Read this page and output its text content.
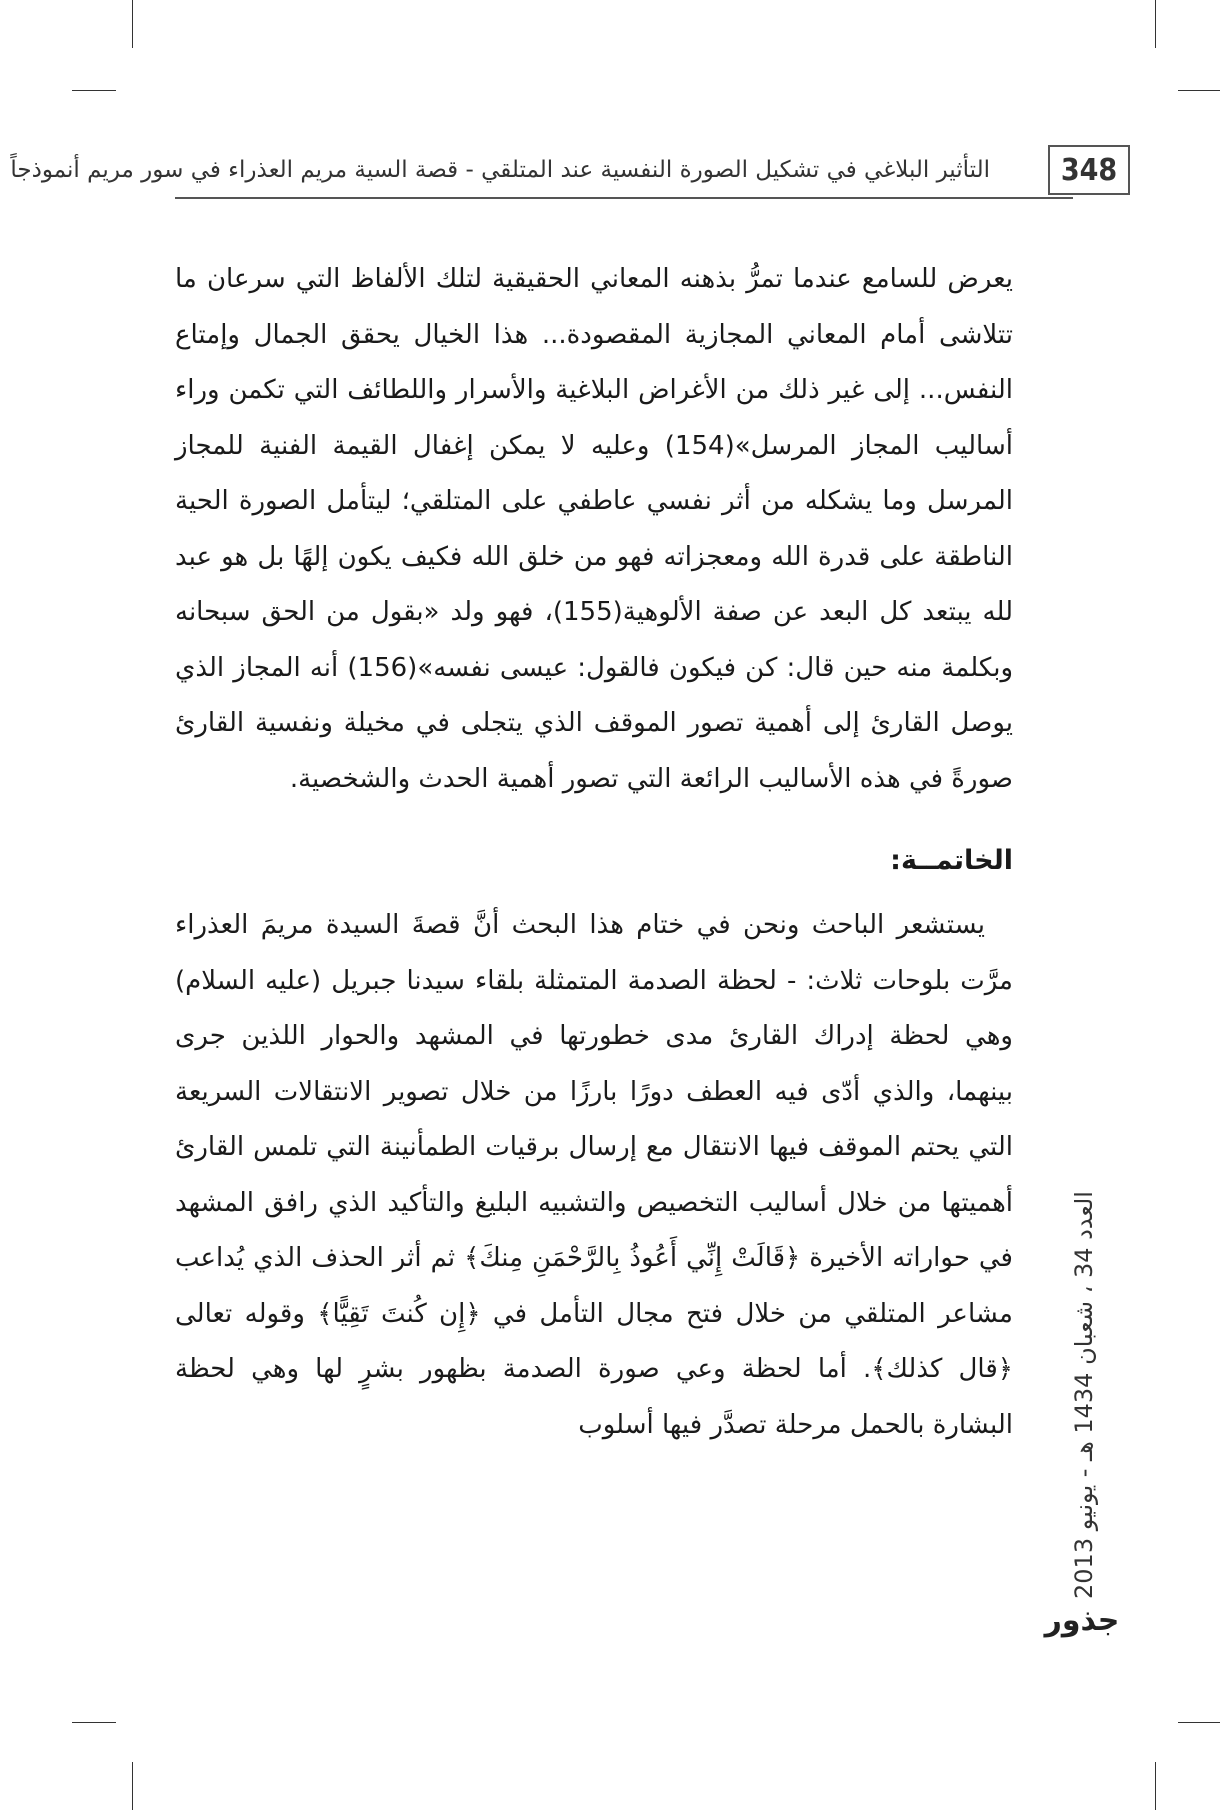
348
التأثير البلاغي في تشكيل الصورة النفسية عند المتلقي - قصة السية مريم العذراء في سور مريم أنموذجاً

يعرض للسامع عندما تمرُّ بذهنه المعاني الحقيقية لتلك الألفاظ التي سرعان ما تتلاشى أمام المعاني المجازية المقصودة... هذا الخيال يحقق الجمال وإمتاع النفس... إلى غير ذلك من الأغراض البلاغية والأسرار واللطائف التي تكمن وراء أساليب المجاز المرسل»(154) وعليه لا يمكن إغفال القيمة الفنية للمجاز المرسل وما يشكله من أثر نفسي عاطفي على المتلقي؛ ليتأمل الصورة الحية الناطقة على قدرة الله ومعجزاته فهو من خلق الله فكيف يكون إلهًا بل هو عبد لله يبتعد كل البعد عن صفة الألوهية(155)، فهو ولد «بقول من الحق سبحانه وبكلمة منه حين قال: كن فيكون فالقول: عيسى نفسه»(156) أنه المجاز الذي يوصل القارئ إلى أهمية تصور الموقف الذي يتجلى في مخيلة ونفسية القارئ صورةً في هذه الأساليب الرائعة التي تصور أهمية الحدث والشخصية.

الخاتمــة:

يستشعر الباحث ونحن في ختام هذا البحث أنَّ قصةَ السيدة مريمَ العذراء مرَّت بلوحات ثلاث: - لحظة الصدمة المتمثلة بلقاء سيدنا جبريل (عليه السلام) وهي لحظة إدراك القارئ مدى خطورتها في المشهد والحوار اللذين جرى بينهما، والذي أدّى فيه العطف دورًا بارزًا من خلال تصوير الانتقالات السريعة التي يحتم الموقف فيها الانتقال مع إرسال برقيات الطمأنينة التي تلمس القارئ أهميتها من خلال أساليب التخصيص والتشبيه البليغ والتأكيد الذي رافق المشهد في حواراته الأخيرة ﴿قَالَتْ إِنِّي أَعُوذُ بِالرَّحْمَنِ مِنكَ﴾ ثم أثر الحذف الذي يُداعب مشاعر المتلقي من خلال فتح مجال التأمل في ﴿إِن كُنتَ تَقِيًّا﴾ وقوله تعالى ﴿قال كذلك﴾. أما لحظة وعي صورة الصدمة بظهور بشرٍ لها وهي لحظة البشارة بالحمل مرحلة تصدَّر فيها أسلوب

العدد 34 ، شعبان 1434 هـ - يونيو 2013
جذور
